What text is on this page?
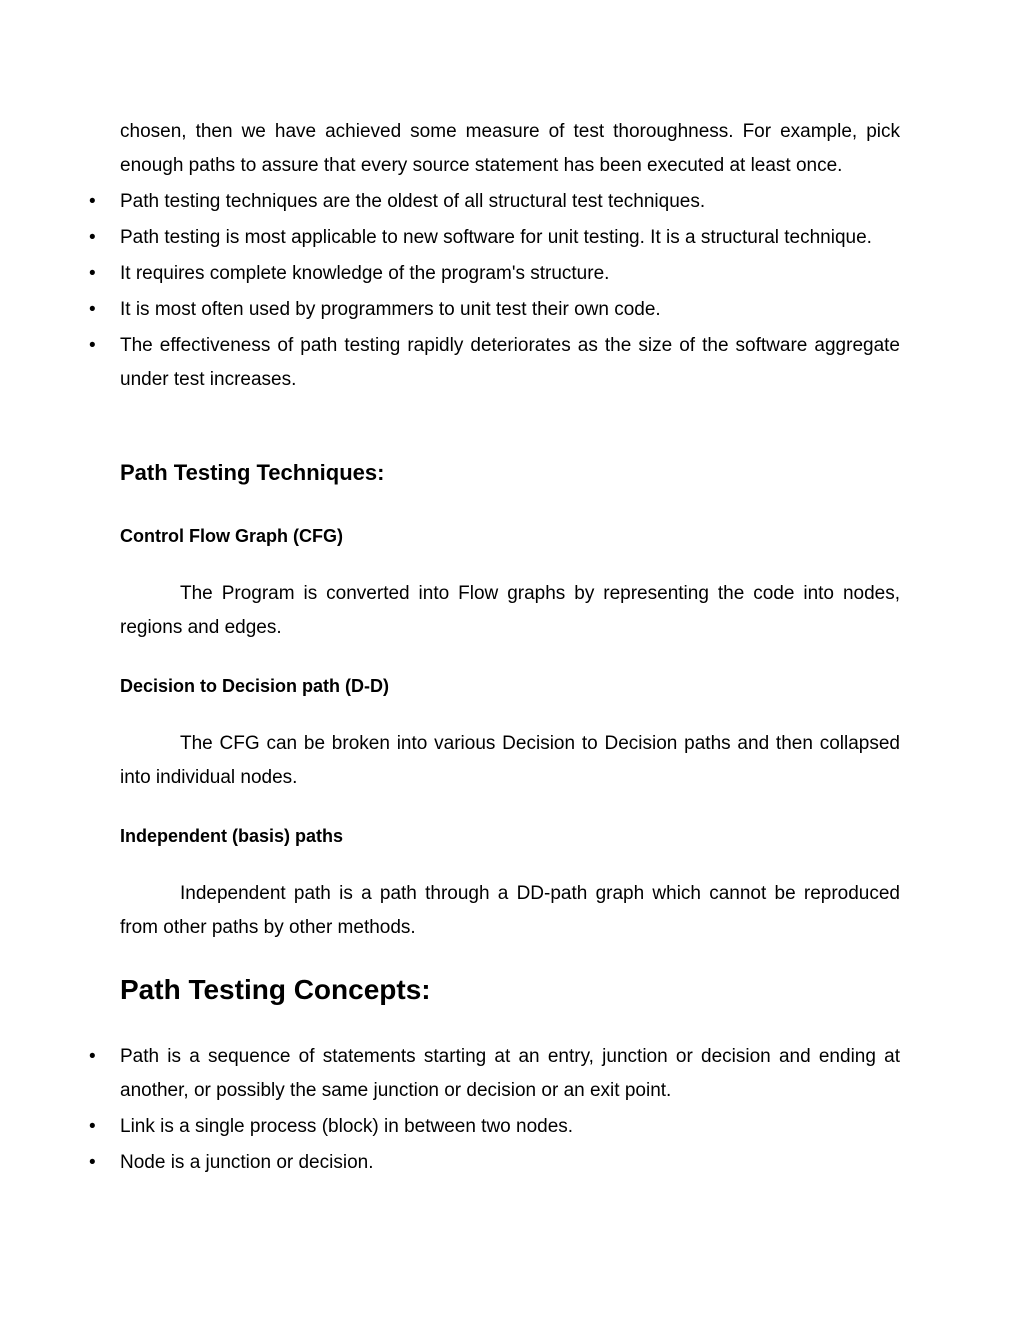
chosen, then we have achieved some measure of test thoroughness. For example, pick enough paths to assure that every source statement has been executed at least once.

• Path testing techniques are the oldest of all structural test techniques.
• Path testing is most applicable to new software for unit testing. It is a structural technique.
• It requires complete knowledge of the program's structure.
• It is most often used by programmers to unit test their own code.
• The effectiveness of path testing rapidly deteriorates as the size of the software aggregate under test increases.
Path Testing Techniques:
Control Flow Graph (CFG)

The Program is converted into Flow graphs by representing the code into nodes, regions and edges.

Decision to Decision path (D-D)

The CFG can be broken into various Decision to Decision paths and then collapsed into individual nodes.

Independent (basis) paths

Independent path is a path through a DD-path graph which cannot be reproduced from other paths by other methods.

Path Testing Concepts:
• Path is a sequence of statements starting at an entry, junction or decision and ending at another, or possibly the same junction or decision or an exit point.
• Link is a single process (block) in between two nodes.
• Node is a junction or decision.
